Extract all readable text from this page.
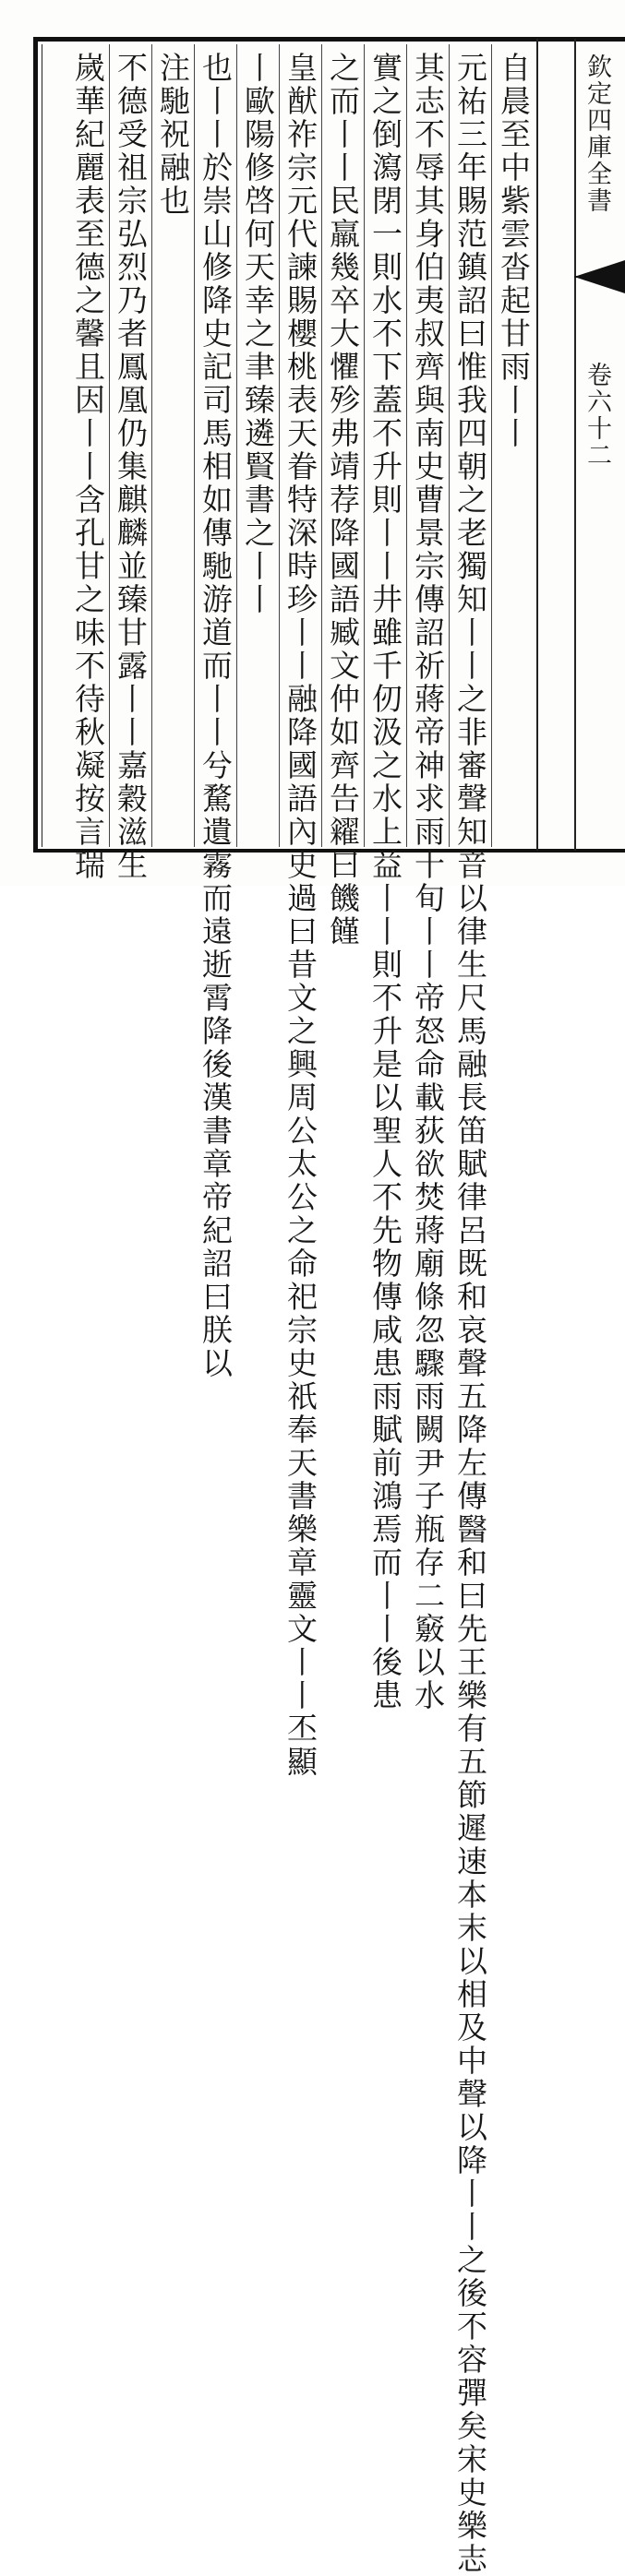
欽定四庫全書
卷六十二
自晨至中紫雲沓起甘雨丨丨
元祐三年賜范鎮詔曰惟我四朝之老獨知丨丨之非審聲知音以律生尺馬融長笛賦律呂既和哀聲五降左傳醫和曰先王樂有五節遲速本末以相及中聲以降丨丨之後不容彈矣宋史樂志
其志不辱其身伯夷叔齊與南史曹景宗傳詔祈蔣帝神求雨十旬丨丨帝怒命載荻欲焚蔣廟條忽驟雨闕尹子瓶存二竅以水
實之倒瀉閉一則水不下蓋不升則丨丨井雖千仞汲之水上益丨丨則不升是以聖人不先物傳咸患雨賦前鴻焉而丨丨後患
之而丨丨民羸幾卒大懼殄弗靖荐降國語臧文仲如齊告糴曰饑饉
皇猷祚宗元代諫賜櫻桃表天眷特深時珍丨丨融降國語內史過曰昔文之興周公太公之命祀宗史祇奉天書樂章靈文丨丨丕顯
丨歐陽修啓何天幸之聿臻遴賢書之丨丨
也丨丨於崇山修降史記司馬相如傳馳游道而丨丨兮騖遺霧而遠逝霄降後漢書章帝紀詔曰朕以
注馳祝融也
不德受祖宗弘烈乃者鳳凰仍集麒麟並臻甘露丨丨嘉穀滋生
嵗華紀麗表至德之馨且因丨丨含孔甘之味不待秋凝按言瑞
